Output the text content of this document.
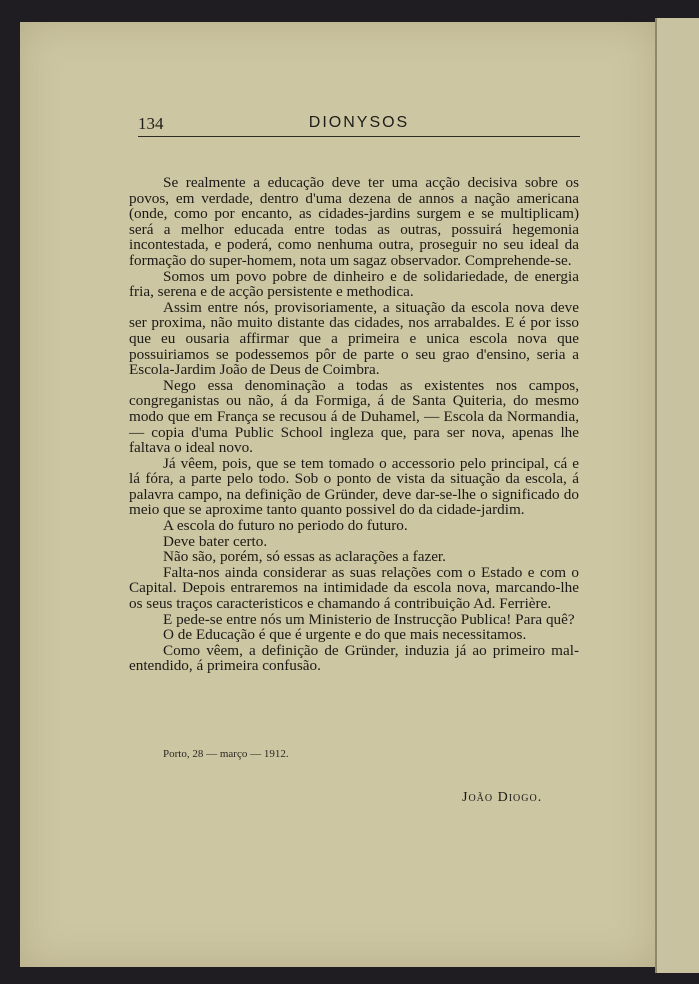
134	DIONYSOS

Se realmente a educação deve ter uma acção decisiva sobre os povos, em verdade, dentro d'uma dezena de annos a nação americana (onde, como por encanto, as cidades-jardins surgem e se multiplicam) será a melhor educada entre todas as outras, possuirá hegemonia incontestada, e poderá, como nenhuma outra, proseguir no seu ideal da formação do super-homem, nota um sagaz observador. Comprehende-se.

Somos um povo pobre de dinheiro e de solidariedade, de energia fria, serena e de acção persistente e methodica.

Assim entre nós, provisoriamente, a situação da escola nova deve ser proxima, não muito distante das cidades, nos arrabaldes. E é por isso que eu ousaria affirmar que a primeira e unica escola nova que possuiriamos se podessemos pôr de parte o seu grao d'ensino, seria a Escola-Jardim João de Deus de Coimbra.

Nego essa denominação a todas as existentes nos campos, congreganistas ou não, á da Formiga, á de Santa Quiteria, do mesmo modo que em França se recusou á de Duhamel, — Escola da Normandia, — copia d'uma Public School ingleza que, para ser nova, apenas lhe faltava o ideal novo.

Já vêem, pois, que se tem tomado o accessorio pelo principal, cá e lá fóra, a parte pelo todo. Sob o ponto de vista da situação da escola, á palavra campo, na definição de Gründer, deve dar-se-lhe o significado do meio que se aproxime tanto quanto possivel do da cidade-jardim.

A escola do futuro no periodo do futuro.

Deve bater certo.

Não são, porém, só essas as aclarações a fazer.

Falta-nos ainda considerar as suas relações com o Estado e com o Capital. Depois entraremos na intimidade da escola nova, marcando-lhe os seus traços caracteristicos e chamando á contribuição Ad. Ferrière.

E pede-se entre nós um Ministerio de Instrucção Publica! Para quê?

O de Educação é que é urgente e do que mais necessitamos.

Como vêem, a definição de Gründer, induzia já ao primeiro mal-entendido, á primeira confusão.

Porto, 28 — março — 1912.
João Diogo.
